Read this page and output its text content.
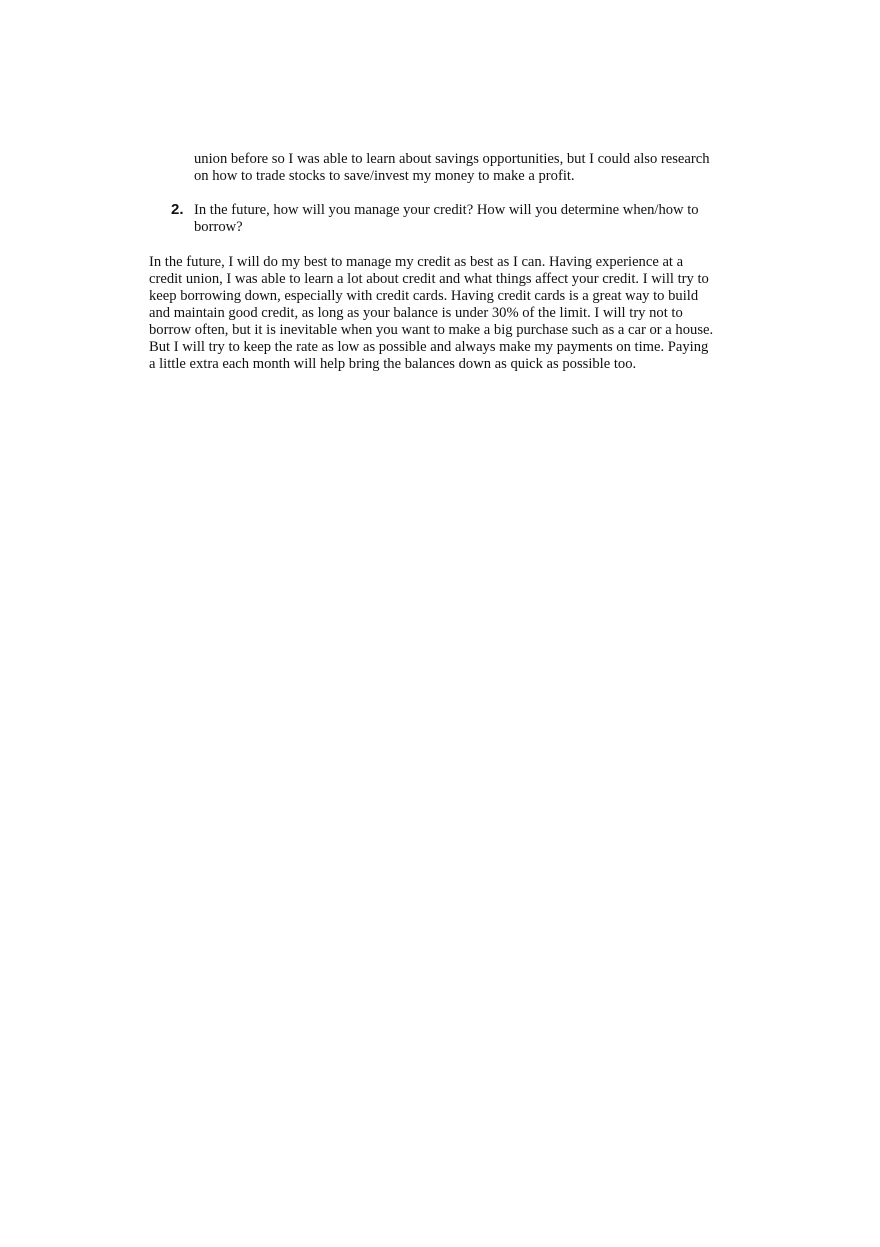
union before so I was able to learn about savings opportunities, but I could also research
on how to trade stocks to save/invest my money to make a profit.
2. In the future, how will you manage your credit? How will you determine when/how to
borrow?
In the future, I will do my best to manage my credit as best as I can. Having experience at a
credit union, I was able to learn a lot about credit and what things affect your credit. I will try to
keep borrowing down, especially with credit cards. Having credit cards is a great way to build
and maintain good credit, as long as your balance is under 30% of the limit. I will try not to
borrow often, but it is inevitable when you want to make a big purchase such as a car or a house.
But I will try to keep the rate as low as possible and always make my payments on time. Paying
a little extra each month will help bring the balances down as quick as possible too.
